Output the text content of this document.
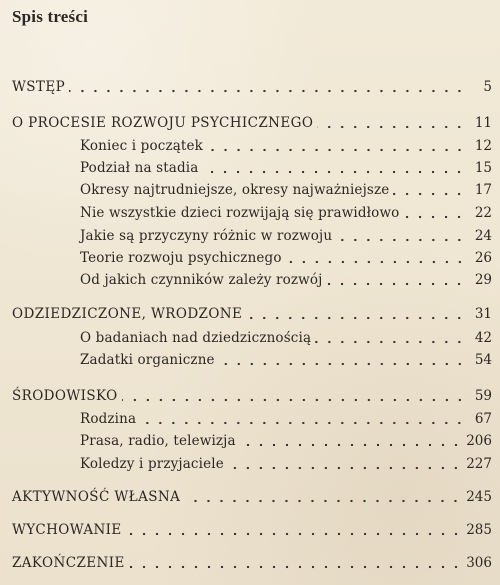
Spis treści
WSTĘP	5
O PROCESIE ROZWOJU PSYCHICZNEGO	11
Koniec i początek	12
Podział na stadia	15
Okresy najtrudniejsze, okresy najważniejsze	17
Nie wszystkie dzieci rozwijają się prawidłowo	22
Jakie są przyczyny różnic w rozwoju	24
Teorie rozwoju psychicznego	26
Od jakich czynników zależy rozwój	29
ODZIEDZICZONE, WRODZONE	31
O badaniach nad dziedzicznością	42
Zadatki organiczne	54
ŚRODOWISKO	59
Rodzina	67
Prasa, radio, telewizja	206
Koledzy i przyjaciele	227
AKTYWNOŚĆ WŁASNA	245
WYCHOWANIE	285
ZAKOŃCZENIE	306
